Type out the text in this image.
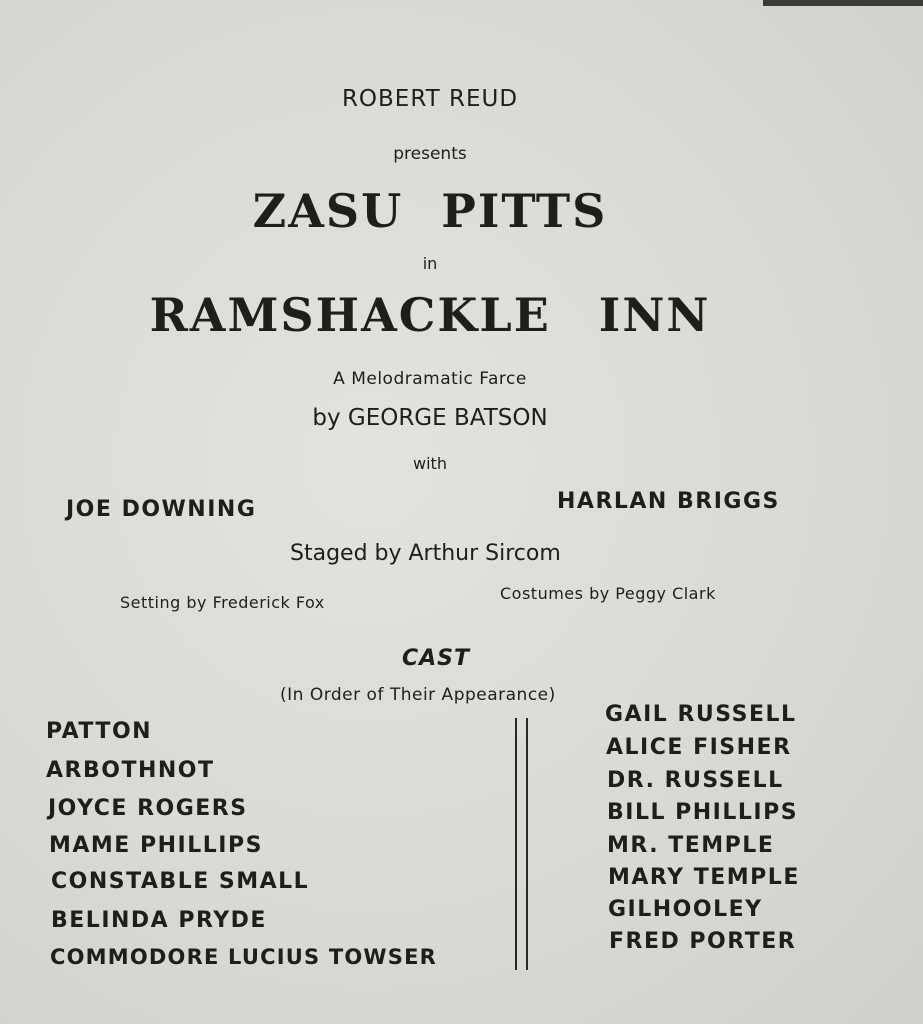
ROBERT REUD
presents
ZASU PITTS
in
RAMSHACKLE INN
A Melodramatic Farce
by GEORGE BATSON
with
JOE DOWNING	HARLAN BRIGGS
Staged by Arthur Sircom
Setting by Frederick Fox	Costumes by Peggy Clark
CAST
(In Order of Their Appearance)
PATTON
ARBOTHNOT
JOYCE ROGERS
MAME PHILLIPS
CONSTABLE SMALL
BELINDA PRYDE
COMMODORE LUCIUS TOWSER
GAIL RUSSELL
ALICE FISHER
DR. RUSSELL
BILL PHILLIPS
MR. TEMPLE
MARY TEMPLE
GILHOOLEY
FRED PORTER
